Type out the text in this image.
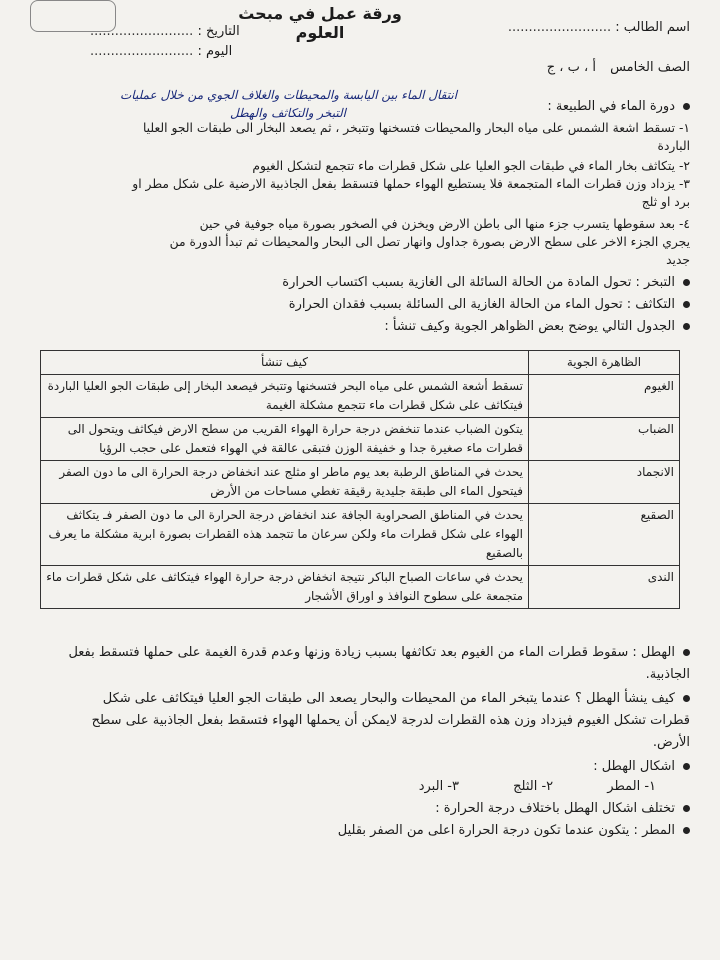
ورقة عمل في مبحث العلوم	اسم الطالب : .........................
التاريخ : .........................
اليوم : .........................
الصف الخامس أ ، ب ، ج
انتقال الماء بين اليابسة والمحيطات والغلاف الجوي من خلال عمليات
التبخر والتكاثف والهطل	دورة الماء في الطبيعة :
١- تسقط اشعة الشمس على مياه البحار والمحيطات فتسخنها وتتبخر ، ثم يصعد البخار الى طبقات الجو العليا
الباردة
٢- يتكاثف بخار الماء في طبقات الجو العليا على شكل قطرات ماء تتجمع لتشكل الغيوم
٣- يزداد وزن قطرات الماء المتجمعة فلا يستطيع الهواء حملها فتسقط بفعل الجاذبية الارضية على شكل مطر او
برد او ثلج
٤- بعد سقوطها يتسرب جزء منها الى باطن الارض ويخزن في الصخور بصورة مياه جوفية في حين
يجري الجزء الاخر على سطح الارض بصورة جداول وانهار تصل الى البحار والمحيطات ثم تبدأ الدورة من
جديد
التبخر : تحول المادة من الحالة السائلة الى الغازية بسبب اكتساب الحرارة
التكاثف : تحول الماء من الحالة الغازية الى السائلة بسبب فقدان الحرارة
الجدول التالي يوضح بعض الظواهر الجوية وكيف تنشأ :
الظاهرة الجوية	كيف تنشأ
الغيوم	تسقط أشعة الشمس على مياه البحر فتسخنها وتتبخر فيصعد البخار إلى طبقات الجو العليا الباردة فيتكاثف على شكل قطرات ماء تتجمع مشكلة الغيمة
الضباب	يتكون الضباب عندما تنخفض درجة حرارة الهواء القريب من سطح الارض فيكاثف ويتحول الى قطرات ماء صغيرة جدا و خفيفة الوزن فتبقى عالقة في الهواء فتعمل على حجب الرؤيا
الانجماد	يحدث في المناطق الرطبة بعد يوم ماطر او مثلج عند انخفاض درجة الحرارة الى ما دون الصفر فيتحول الماء الى طبقة جليدية رقيقة تغطي مساحات من الأرض
الصقيع	يحدث في المناطق الصحراوية الجافة عند انخفاض درجة الحرارة الى ما دون الصفر فـ يتكاثف الهواء على شكل قطرات ماء ولكن سرعان ما تتجمد هذه القطرات بصورة ابرية مشكلة ما يعرف بالصقيع
الندى	يحدث في ساعات الصباح الباكر نتيجة انخفاض درجة حرارة الهواء فيتكاثف على شكل قطرات ماء متجمعة على سطوح النوافذ و اوراق الأشجار
الهطل : سقوط قطرات الماء من الغيوم بعد تكاثفها بسبب زيادة وزنها وعدم قدرة الغيمة على حملها فتسقط بفعل
الجاذبية.
كيف ينشأ الهطل ؟ عندما يتبخر الماء من المحيطات والبحار يصعد الى طبقات الجو العليا فيتكاثف على شكل
قطرات تشكل الغيوم فيزداد وزن هذه القطرات لدرجة لايمكن أن يحملها الهواء فتسقط بفعل الجاذبية على سطح
الأرض.
اشكال الهطل :
١- المطر ٢- الثلج ٣- البرد
تختلف اشكال الهطل باختلاف درجة الحرارة :
المطر : يتكون عندما تكون درجة الحرارة اعلى من الصفر بقليل
